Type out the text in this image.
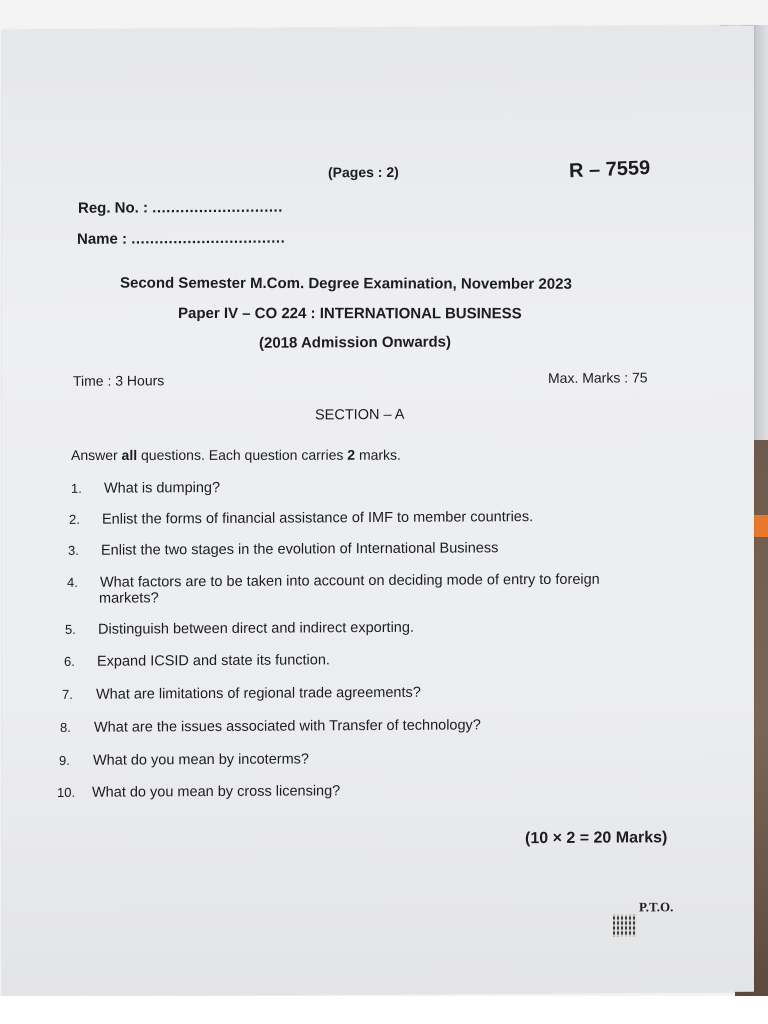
(Pages : 2)	R – 7559
Reg. No. : ............................
Name : .................................
Second Semester M.Com. Degree Examination, November 2023
Paper IV – CO 224 : INTERNATIONAL BUSINESS
(2018 Admission Onwards)
Time : 3 Hours	Max. Marks : 75
SECTION – A
Answer all questions. Each question carries 2 marks.
1. What is dumping?
2. Enlist the forms of financial assistance of IMF to member countries.
3. Enlist the two stages in the evolution of International Business
4. What factors are to be taken into account on deciding mode of entry to foreign
markets?
5. Distinguish between direct and indirect exporting.
6. Expand ICSID and state its function.
7. What are limitations of regional trade agreements?
8. What are the issues associated with Transfer of technology?
9. What do you mean by incoterms?
10. What do you mean by cross licensing?
(10 × 2 = 20 Marks)
P.T.O.
